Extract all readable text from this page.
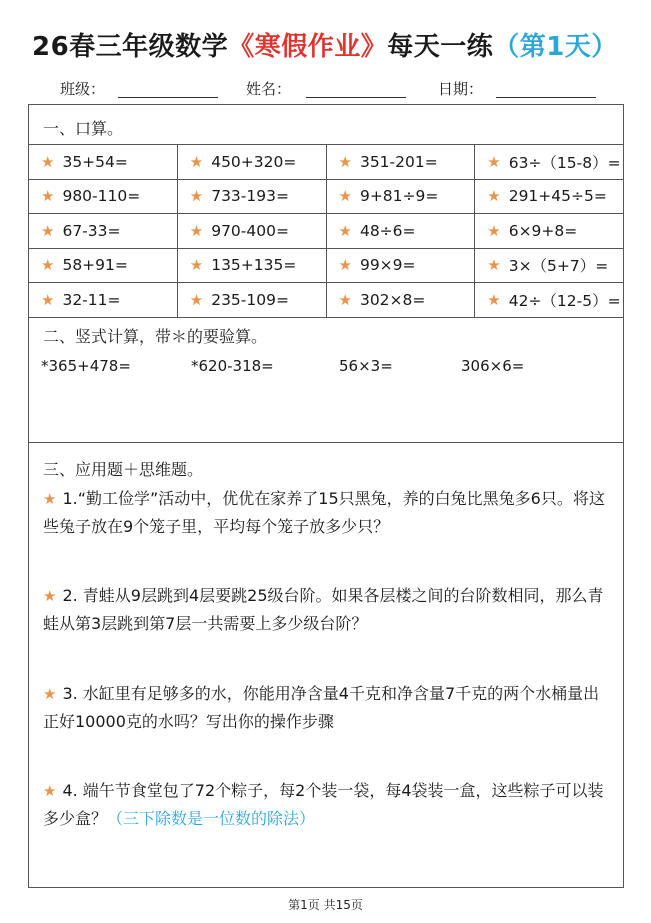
26春三年级数学《寒假作业》每天一练（第1天）
班级：	姓名：	日期：
一、口算。
★ 35+54=	★ 450+320=	★ 351-201=	★ 63÷（15-8）=
★ 980-110=	★ 733-193=	★ 9+81÷9=	★ 291+45÷5=
★ 67-33=	★ 970-400=	★ 48÷6=	★ 6×9+8=
★ 58+91=	★ 135+135=	★ 99×9=	★ 3×（5+7）=
★ 32-11=	★ 235-109=	★ 302×8=	★ 42÷（12-5）=
二、竖式计算，带＊的要验算。
*365+478=	*620-318=	56×3=	306×6=
三、应用题＋思维题。
★ 1.“勤工俭学”活动中，优优在家养了15只黑兔，养的白兔比黑兔多6只。将这些兔子放在9个笼子里，平均每个笼子放多少只？
★ 2. 青蛙从9层跳到4层要跳25级台阶。如果各层楼之间的台阶数相同，那么青蛙从第3层跳到第7层一共需要上多少级台阶？
★ 3. 水缸里有足够多的水，你能用净含量4千克和净含量7千克的两个水桶量出正好10000克的水吗？写出你的操作步骤
★ 4. 端午节食堂包了72个粽子，每2个装一袋，每4袋装一盒，这些粽子可以装多少盒？（三下除数是一位数的除法）
第1页 共15页
